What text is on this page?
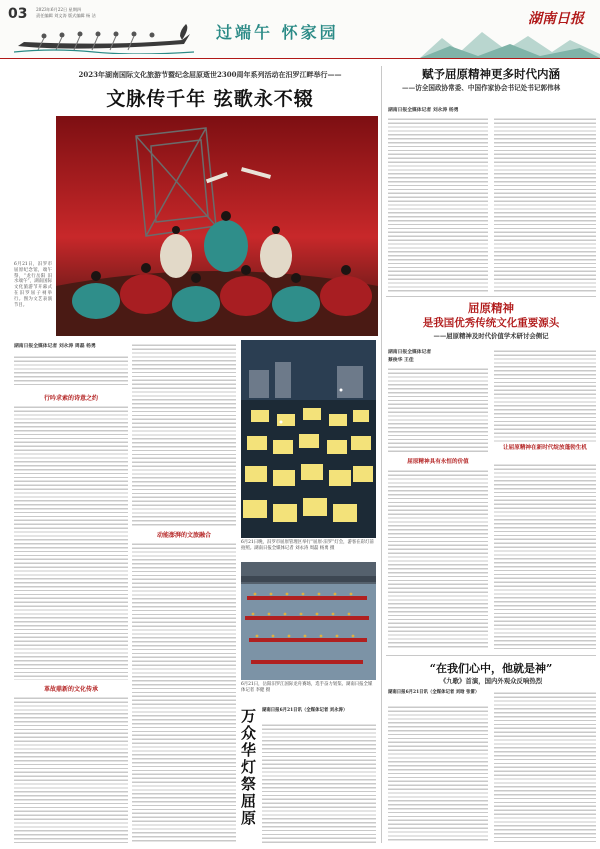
03 2023年6月22日 星期四
责任编辑 刘文涛 版式编辑 杨 洁
过端午 怀家园
湖南日报
2023年湖南国际文化旅游节暨纪念屈原逝世2300周年系列活动在汨罗江畔举行——
文脉传千年 弦歌永不辍
6月21日，汨罗市屈原纪念馆，端午祭，“龙行岳阳 汨水端午”，湖南国际文化旅游节开幕式在汨罗屈子祠举行。图为文艺表演节目。
湖南日报全媒体记者 刘永涛 周磊 杨勇
行吟求索的诗意之约
革故鼎新的文化传承
动能澎湃的文旅融合
6月21日晚，汨罗市屈原管理区举行“屈原·汨罗”灯会，游客在彩灯前拍照。湖南日报全媒体记者 刘永涛 周磊 杨勇 摄
6月21日，岳阳汨罗江国际龙舟赛场，选手奋力划桨。湖南日报全媒体记者 李健 摄
万众华灯祭屈原
湖南日报6月21日讯（全媒体记者 刘永涛）
赋予屈原精神更多时代内涵
——访全国政协常委、中国作家协会书记处书记郭伟林
湖南日报全媒体记者 刘永涛 杨勇
屈原精神
是我国优秀传统文化重要源头
——屈原精神及时代价值学术研讨会侧记
湖南日报全媒体记者
蔡俊华 王佳
屈原精神具有永恒的价值
让屈原精神在新时代绽放蓬勃生机
“在我们心中，他就是神”
《九歌》首演，国内外观众反响热烈
湖南日报6月21日讯（全媒体记者 刘晗 张雷）
